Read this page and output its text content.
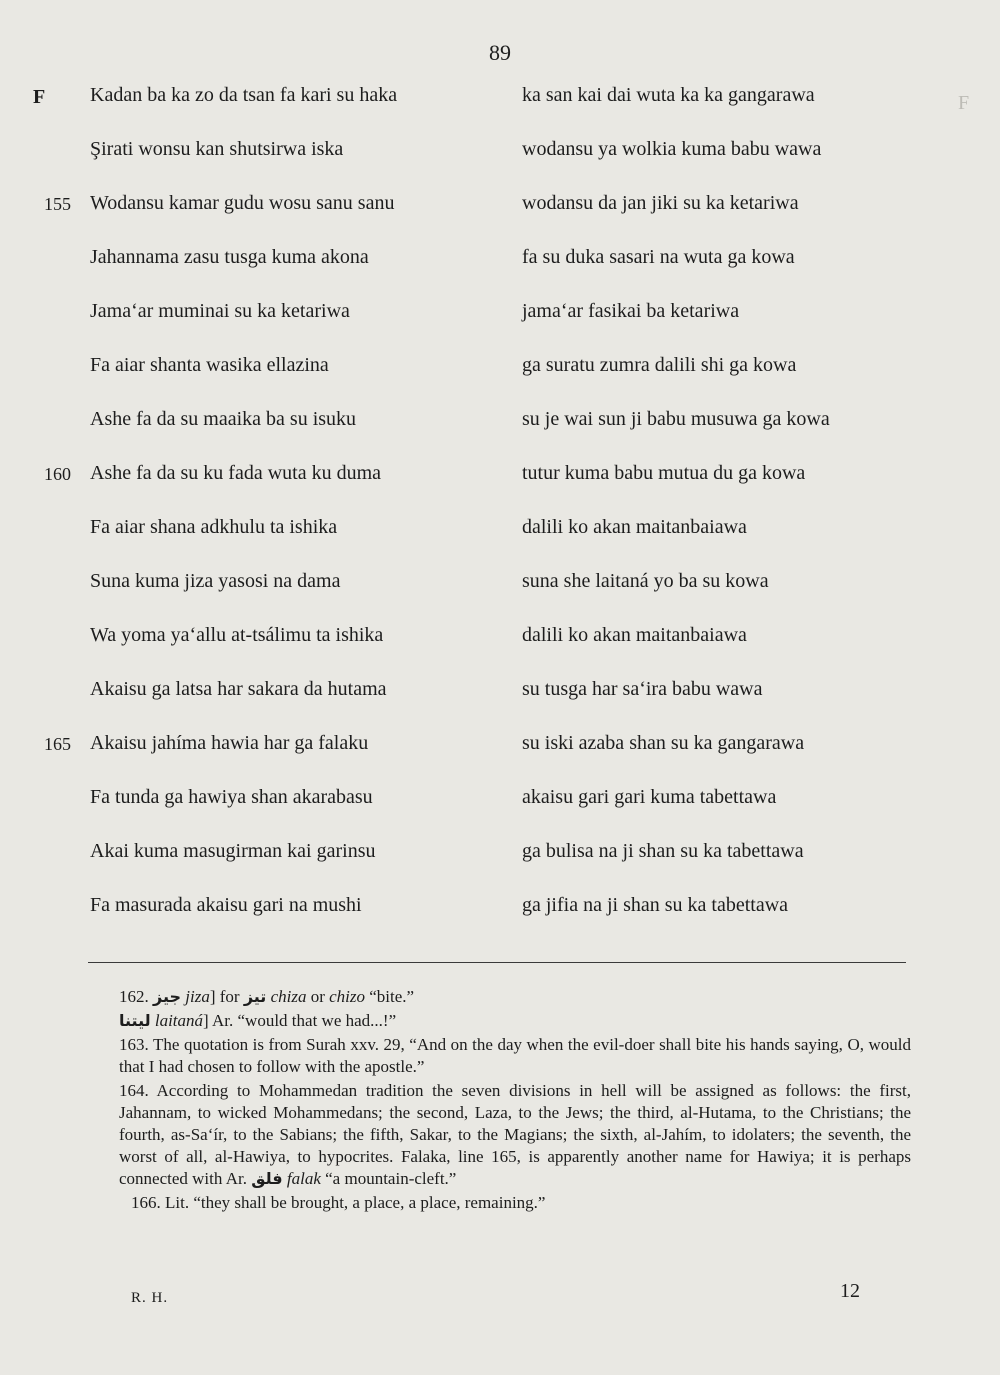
89
F	F
Kadan ba ka zo da tsan fa kari su haka	ka san kai dai wuta ka ka gangarawa
Şirati wonsu kan shutsirwa iska	wodansu ya wolkia kuma babu wawa
155 Wodansu kamar gudu wosu sanu sanu	wodansu da jan jiki su ka ketariwa
Jahannama zasu tusga kuma akona	fa su duka sasari na wuta ga kowa
Jama‘ar muminai su ka ketariwa	jama‘ar fasikai ba ketariwa
Fa aiar shanta wasika ellazina	ga suratu zumra dalili shi ga kowa
Ashe fa da su maaika ba su isuku	su je wai sun ji babu musuwa ga kowa
160 Ashe fa da su ku fada wuta ku duma	tutur kuma babu mutua du ga kowa
Fa aiar shana adkhulu ta ishika	dalili ko akan maitanbaiawa
Suna kuma jiza yasosi na dama	suna she laitaná yo ba su kowa
Wa yoma ya‘allu at-tsálimu ta ishika	dalili ko akan maitanbaiawa
Akaisu ga latsa har sakara da hutama	su tusga har sa‘ira babu wawa
165 Akaisu jahíma hawia har ga falaku	su iski azaba shan su ka gangarawa
Fa tunda ga hawiya shan akarabasu	akaisu gari gari kuma tabettawa
Akai kuma masugirman kai garinsu	ga bulisa na ji shan su ka tabettawa
Fa masurada akaisu gari na mushi	ga jifia na ji shan su ka tabettawa

162. جيز jiza] for تيز chiza or chizo “bite.”

ليتنا laitaná] Ar. “would that we had...!”

163. The quotation is from Surah xxv. 29, “And on the day when the evil-doer shall bite his hands saying, O, would that I had chosen to follow with the apostle.”

164. According to Mohammedan tradition the seven divisions in hell will be assigned as follows: the first, Jahannam, to wicked Mohammedans; the second, Laza, to the Jews; the third, al-Hutama, to the Christians; the fourth, as-Sa‘ír, to the Sabians; the fifth, Sakar, to the Magians; the sixth, al-Jahím, to idolaters; the seventh, the worst of all, al-Hawiya, to hypocrites. Falaka, line 165, is apparently another name for Hawiya; it is perhaps connected with Ar. فلق falak “a mountain-cleft.”

166. Lit. “they shall be brought, a place, a place, remaining.”

R. H.	12
